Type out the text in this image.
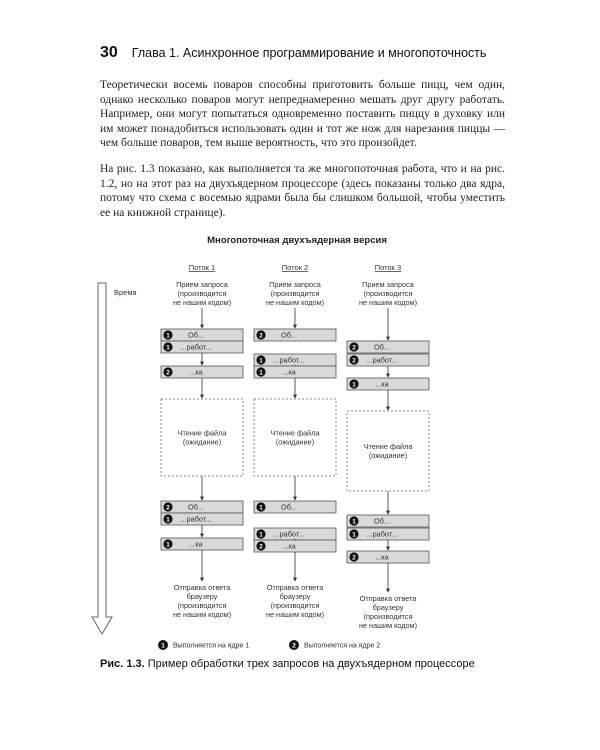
30 Глава 1. Асинхронное программирование и многопоточность

Теоретически восемь поваров способны приготовить больше пицц, чем один, однако несколько поваров могут непреднамеренно мешать друг другу работать. Например, они могут попытаться одновременно поставить пиццу в духовку или им может понадобиться использовать один и тот же нож для нарезания пиццы — чем больше поваров, тем выше вероятность, что это произойдет.

На рис. 1.3 показано, как выполняется та же многопоточная работа, что и на рис. 1.2, но на этот раз на двухъядерном процессоре (здесь показаны только два ядра, потому что схема с восемью ядрами была бы слишком большой, чтобы уместить ее на книжной странице).

Многопоточная двухъядерная версия
Время
Поток 1
Прием запроса
(производится
не нашим кодом)
1	Об...
1 ...работ...
2	...ка
Чтение файла
(ожидание)
2	Об...
1 ...работ...
1	...ка
Отправка ответа
браузеру
(производится
не нашим кодом)
Поток 2
Прием запроса
(производится
не нашим кодом)
2	Об...
1 ...работ...
1	...ка
Чтение файла
(ожидание)
1	Об...
1 ...работ...
2	...ка
Отправка ответа
браузеру
(производится
не нашим кодом)
Поток 3
Прием запроса
(производится
не нашим кодом)
2	Об...
2 ...работ...
1	...ка
Чтение файла
(ожидание)
1	Об...
1 ...работ...
2	...ка
Отправка ответа
браузеру
(производится
не нашим кодом)
1 Выполняется на ядре 1	2 Выполняется на ядре 2
Рис. 1.3. Пример обработки трех запросов на двухъядерном процессоре
